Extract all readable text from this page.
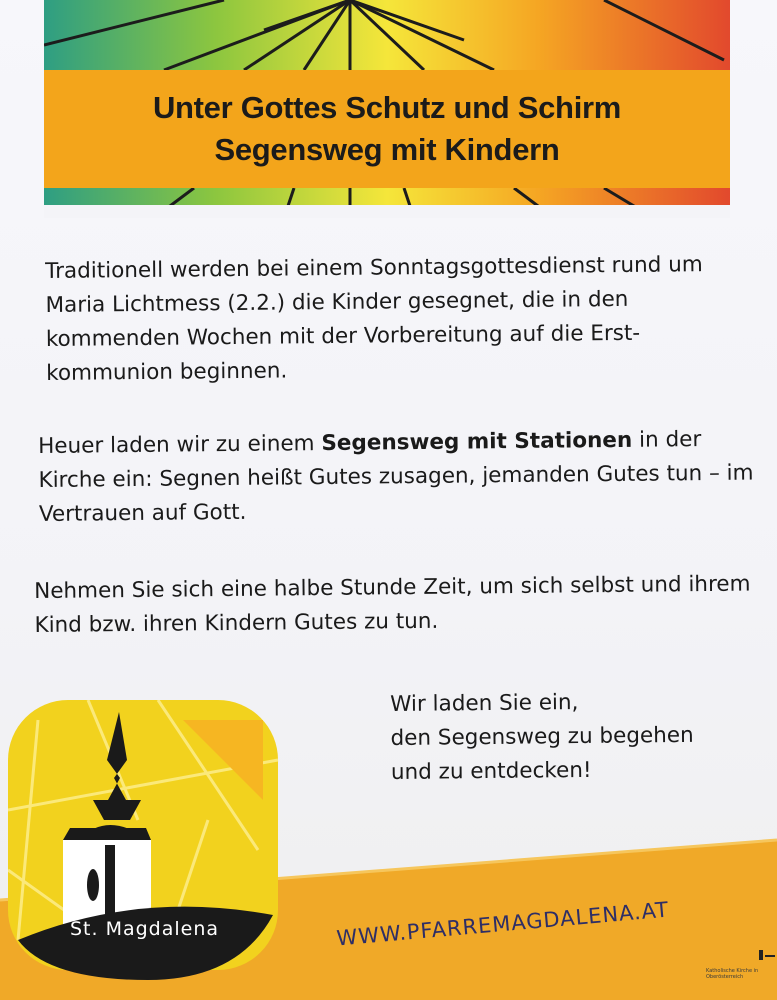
Unter Gottes Schutz und Schirm
Segensweg mit Kindern
Traditionell werden bei einem Sonntagsgottesdienst rund um Maria Lichtmess (2.2.) die Kinder gesegnet, die in den kommenden Wochen mit der Vorbereitung auf die Erst-kommunion beginnen.
Heuer laden wir zu einem Segensweg mit Stationen in der Kirche ein: Segnen heißt Gutes zusagen, jemanden Gutes tun – im Vertrauen auf Gott.
Nehmen Sie sich eine halbe Stunde Zeit, um sich selbst und ihrem Kind bzw. ihren Kindern Gutes zu tun.
Wir laden Sie ein,
den Segensweg zu begehen
und zu entdecken!
St. Magdalena	WWW.PFARREMAGDALENA.AT
Katholische Kirche in Oberösterreich
